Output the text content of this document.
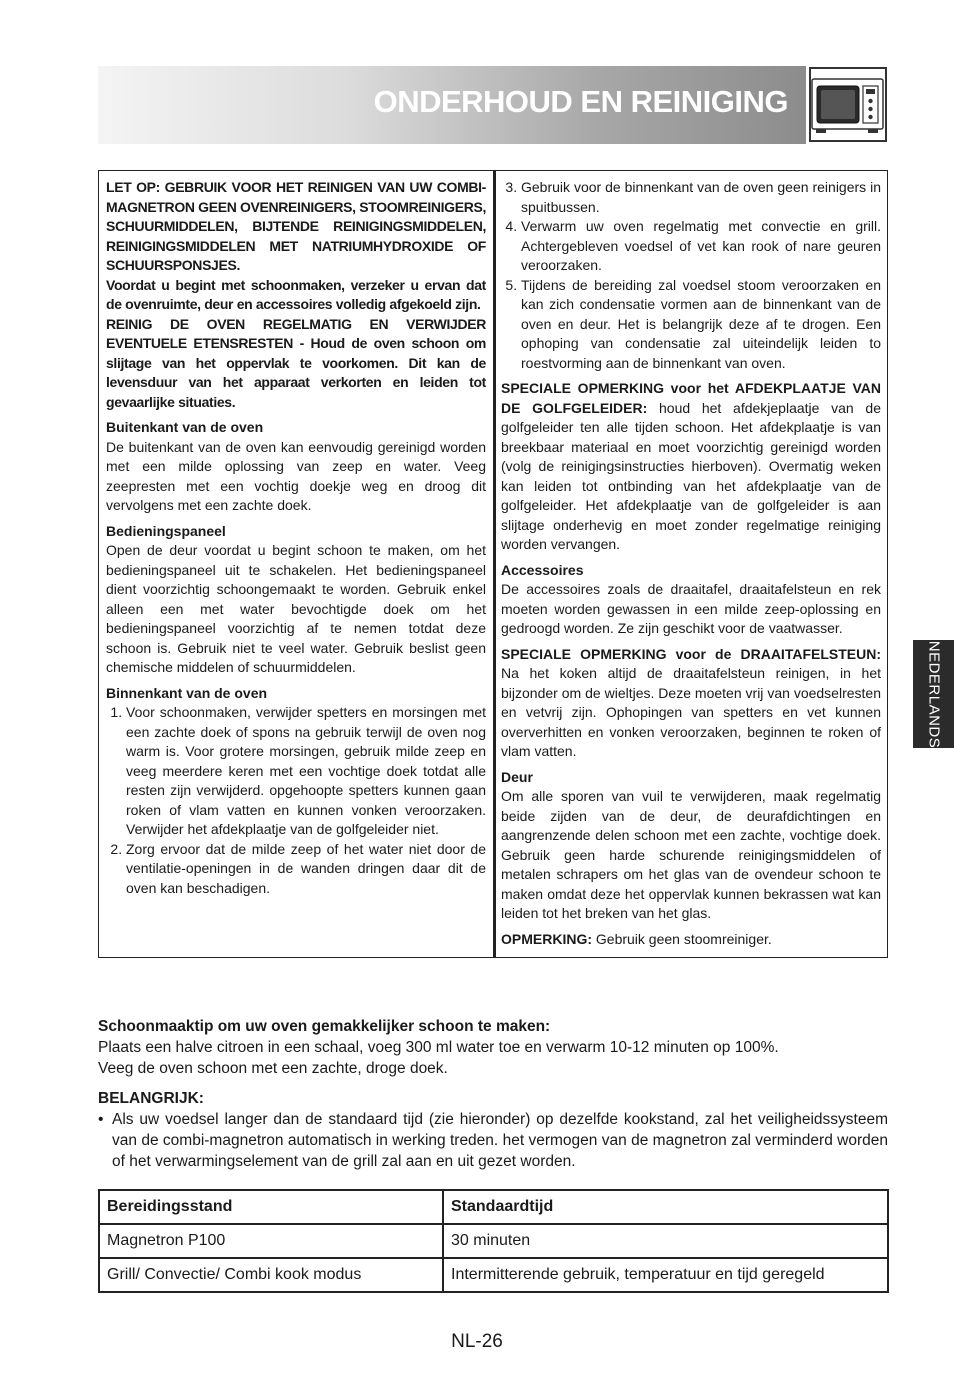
ONDERHOUD EN REINIGING
NEDERLANDS

LET OP: GEBRUIK VOOR HET REINIGEN VAN UW COMBI-MAGNETRON GEEN OVENREINIGERS, STOOMREINIGERS, SCHUURMIDDELEN, BIJTENDE REINIGINGSMIDDELEN, REINIGINGSMIDDELEN MET NATRIUMHYDROXIDE OF SCHUURSPONSJES.

Voordat u begint met schoonmaken, verzeker u ervan dat de ovenruimte, deur en accessoires volledig afgekoeld zijn.

REINIG DE OVEN REGELMATIG EN VERWIJDER EVENTUELE ETENSRESTEN - Houd de oven schoon om slijtage van het oppervlak te voorkomen. Dit kan de levensduur van het apparaat verkorten en leiden tot gevaarlijke situaties.

Buitenkant van de oven

De buitenkant van de oven kan eenvoudig gereinigd worden met een milde oplossing van zeep en water. Veeg zeepresten met een vochtig doekje weg en droog dit vervolgens met een zachte doek.

Bedieningspaneel

Open de deur voordat u begint schoon te maken, om het bedieningspaneel uit te schakelen. Het bedieningspaneel dient voorzichtig schoongemaakt te worden. Gebruik enkel alleen een met water bevochtigde doek om het bedieningspaneel voorzichtig af te nemen totdat deze schoon is. Gebruik niet te veel water. Gebruik beslist geen chemische middelen of schuurmiddelen.

Binnenkant van de oven

1. Voor schoonmaken, verwijder spetters en morsingen met een zachte doek of spons na gebruik terwijl de oven nog warm is. Voor grotere morsingen, gebruik milde zeep en veeg meerdere keren met een vochtige doek totdat alle resten zijn verwijderd. opgehoopte spetters kunnen gaan roken of vlam vatten en kunnen vonken veroorzaken. Verwijder het afdekplaatje van de golfgeleider niet.
2. Zorg ervoor dat de milde zeep of het water niet door de ventilatie-openingen in de wanden dringen daar dit de oven kan beschadigen.
3. Gebruik voor de binnenkant van de oven geen reinigers in spuitbussen.
4. Verwarm uw oven regelmatig met convectie en grill. Achtergebleven voedsel of vet kan rook of nare geuren veroorzaken.
5. Tijdens de bereiding zal voedsel stoom veroorzaken en kan zich condensatie vormen aan de binnenkant van de oven en deur. Het is belangrijk deze af te drogen. Een ophoping van condensatie zal uiteindelijk leiden to roestvorming aan de binnenkant van oven.

SPECIALE OPMERKING voor het AFDEKPLAATJE VAN DE GOLFGELEIDER: houd het afdekjeplaatje van de golfgeleider ten alle tijden schoon. Het afdekplaatje is van breekbaar materiaal en moet voorzichtig gereinigd worden (volg de reinigingsinstructies hierboven). Overmatig weken kan leiden tot ontbinding van het afdekplaatje van de golfgeleider. Het afdekplaatje van de golfgeleider is aan slijtage onderhevig en moet zonder regelmatige reiniging worden vervangen.

Accessoires

De accessoires zoals de draaitafel, draaitafelsteun en rek moeten worden gewassen in een milde zeep-oplossing en gedroogd worden. Ze zijn geschikt voor de vaatwasser.

SPECIALE OPMERKING voor de DRAAITAFELSTEUN: Na het koken altijd de draaitafelsteun reinigen, in het bijzonder om de wieltjes. Deze moeten vrij van voedselresten en vetvrij zijn. Ophopingen van spetters en vet kunnen oververhitten en vonken veroorzaken, beginnen te roken of vlam vatten.

Deur

Om alle sporen van vuil te verwijderen, maak regelmatig beide zijden van de deur, de deurafdichtingen en aangrenzende delen schoon met een zachte, vochtige doek. Gebruik geen harde schurende reinigingsmiddelen of metalen schrapers om het glas van de ovendeur schoon te maken omdat deze het oppervlak kunnen bekrassen wat kan leiden tot het breken van het glas.

OPMERKING: Gebruik geen stoomreiniger.

Schoonmaaktip om uw oven gemakkelijker schoon te maken:

Plaats een halve citroen in een schaal, voeg 300 ml water toe en verwarm 10-12 minuten op 100%.

Veeg de oven schoon met een zachte, droge doek.

BELANGRIJK:

• Als uw voedsel langer dan de standaard tijd (zie hieronder) op dezelfde kookstand, zal het veiligheidssysteem van de combi-magnetron automatisch in werking treden. het vermogen van de magnetron zal verminderd worden of het verwarmingselement van de grill zal aan en uit gezet worden.
Bereidingsstand	Standaardtijd
Magnetron P100	30 minuten
Grill/ Convectie/ Combi kook modus	Intermitterende gebruik, temperatuur en tijd geregeld
NL-26
